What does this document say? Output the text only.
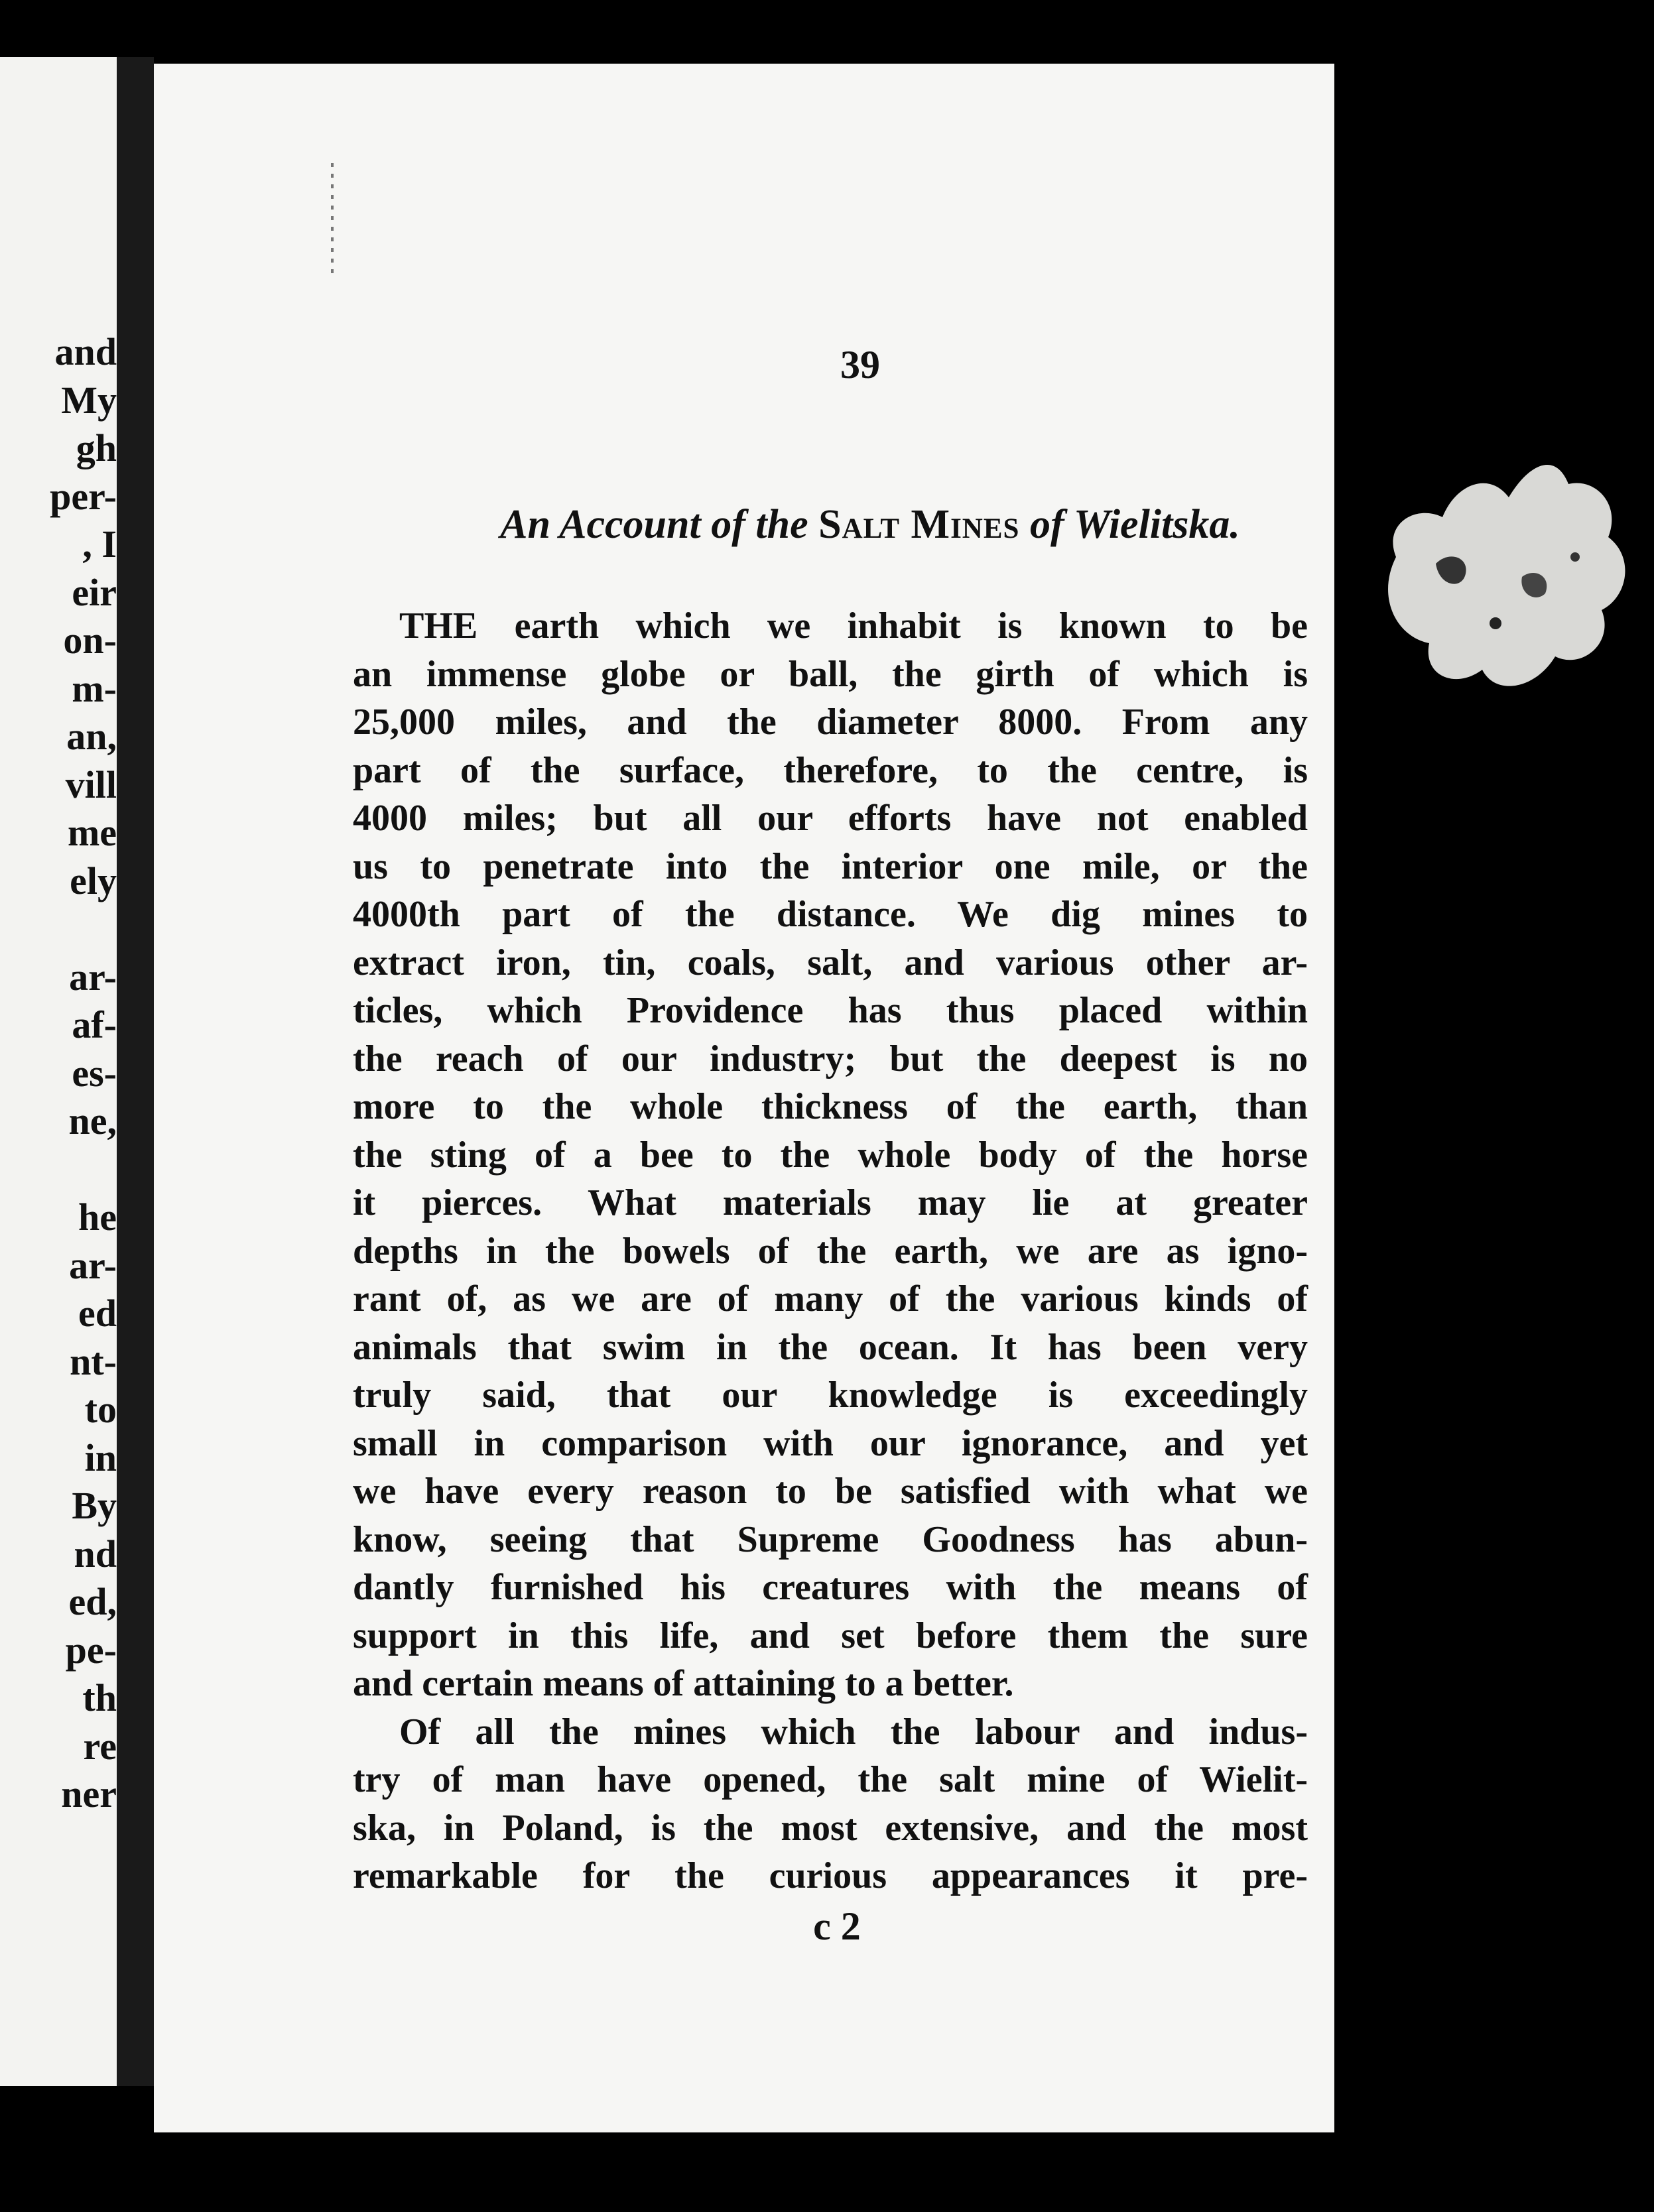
and
My
gh
per-
, I
eir
on-
m-
an,
vill
me
ely
ar-
af-
es-
ne,
he
ar-
ed
nt-
to
in
By
nd
ed,
pe-
th
re
ner
39
An Account of the Salt Mines of Wielitska.
THE earth which we inhabit is known to be
an immense globe or ball, the girth of which is
25,000 miles, and the diameter 8000. From any
part of the surface, therefore, to the centre, is
4000 miles; but all our efforts have not enabled
us to penetrate into the interior one mile, or the
4000th part of the distance. We dig mines to
extract iron, tin, coals, salt, and various other ar-
ticles, which Providence has thus placed within
the reach of our industry; but the deepest is no
more to the whole thickness of the earth, than
the sting of a bee to the whole body of the horse
it pierces. What materials may lie at greater
depths in the bowels of the earth, we are as igno-
rant of, as we are of many of the various kinds of
animals that swim in the ocean. It has been very
truly said, that our knowledge is exceedingly
small in comparison with our ignorance, and yet
we have every reason to be satisfied with what we
know, seeing that Supreme Goodness has abun-
dantly furnished his creatures with the means of
support in this life, and set before them the sure
and certain means of attaining to a better.
Of all the mines which the labour and indus-
try of man have opened, the salt mine of Wielit-
ska, in Poland, is the most extensive, and the most
remarkable for the curious appearances it pre-
c 2
